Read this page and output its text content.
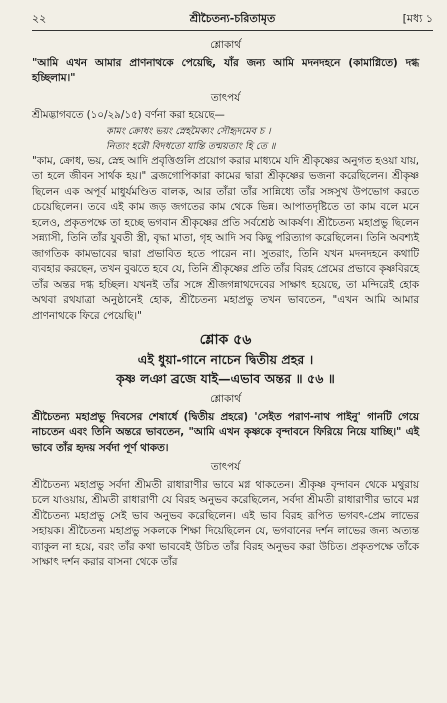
২২	শ্রীচৈতন্য-চরিতামৃত	[মধ্য ১
শ্লোকার্থ

"আমি এখন আমার প্রাণনাথকে পেয়েছি, যাঁর জন্য আমি মদনদহনে (কামাগ্নিতে) দগ্ধ হচ্ছিলাম।"

তাৎপর্য

শ্রীমদ্ভাগবতে (১০/২৯/১৫) বর্ণনা করা হয়েছে—

কামং ক্রোধং ভয়ং স্নেহমৈক্যং সৌহৃদমেব চ ।

নিত্যং হরৌ বিদধতো যান্তি তন্ময়তাং হি তে ॥

"কাম, ক্রোধ, ভয়, স্নেহ আদি প্রবৃত্তিগুলি প্রয়োগ করার মাধ্যমে যদি শ্রীকৃষ্ণের অনুগত হওয়া যায়, তা হলে জীবন সার্থক হয়।" ব্রজগোপিকারা কামের দ্বারা শ্রীকৃষ্ণের ভজনা করেছিলেন। শ্রীকৃষ্ণ ছিলেন এক অপূর্ব মাধুর্যমণ্ডিত বালক, আর তাঁরা তাঁর সান্নিধ্যে তাঁর সঙ্গসুখ উপভোগ করতে চেয়েছিলেন। তবে এই কাম জড় জগতের কাম থেকে ভিন্ন। আপাতদৃষ্টিতে তা কাম বলে মনে হলেও, প্রকৃতপক্ষে তা হচ্ছে ভগবান শ্রীকৃষ্ণের প্রতি সর্বশ্রেষ্ঠ আকর্ষণ। শ্রীচৈতন্য মহাপ্রভু ছিলেন সন্ন্যাসী, তিনি তাঁর যুবতী স্ত্রী, বৃদ্ধা মাতা, গৃহ আদি সব কিছু পরিত্যাগ করেছিলেন। তিনি অবশ্যই জাগতিক কামভাবের দ্বারা প্রভাবিত হতে পারেন না। সুতরাং, তিনি যখন মদনদহনে কথাটি ব্যবহার করছেন, তখন বুঝতে হবে যে, তিনি শ্রীকৃষ্ণের প্রতি তাঁর বিরহ প্রেমের প্রভাবে কৃষ্ণবিরহে তাঁর অন্তর দগ্ধ হচ্ছিল। যখনই তাঁর সঙ্গে শ্রীজগন্নাথদেবের সাক্ষাৎ হয়েছে, তা মন্দিরেই হোক অথবা রথযাত্রা অনুষ্ঠানেই হোক, শ্রীচৈতন্য মহাপ্রভু তখন ভাবতেন, "এখন আমি আমার প্রাণনাথকে ফিরে পেয়েছি।"

শ্লোক ৫৬
এই ধুয়া-গানে নাচেন দ্বিতীয় প্রহর ।
কৃষ্ণ লঞা ব্রজে যাই—এভাব অন্তর ॥ ৫৬ ॥
শ্লোকার্থ

শ্রীচৈতন্য মহাপ্রভু দিবসের শেষার্ধে (দ্বিতীয় প্রহরে) 'সেইত পরাণ-নাথ পাইনু' গানটি গেয়ে নাচতেন এবং তিনি অন্তরে ভাবতেন, "আমি এখন কৃষ্ণকে বৃন্দাবনে ফিরিয়ে নিয়ে যাচ্ছি।" এই ভাবে তাঁর হৃদয় সর্বদা পূর্ণ থাকত।

তাৎপর্য

শ্রীচৈতন্য মহাপ্রভু সর্বদা শ্রীমতী রাধারাণীর ভাবে মগ্ন থাকতেন। শ্রীকৃষ্ণ বৃন্দাবন থেকে মথুরায় চলে যাওয়ায়, শ্রীমতী রাধারাণী যে বিরহ অনুভব করেছিলেন, সর্বদা শ্রীমতী রাধারাণীর ভাবে মগ্ন শ্রীচৈতন্য মহাপ্রভু সেই ভাব অনুভব করেছিলেন। এই ভাব বিরহ রূপিত ভগবৎ-প্রেম লাভের সহায়ক। শ্রীচৈতন্য মহাপ্রভু সকলকে শিক্ষা দিয়েছিলেন যে, ভগবানের দর্শন লাভের জন্য অত্যন্ত ব্যাকুল না হয়ে, বরং তাঁর কথা ভাববেই উচিত তাঁর বিরহ অনুভব করা উচিত। প্রকৃতপক্ষে তাঁকে সাক্ষাৎ দর্শন করার বাসনা থেকে তাঁর
